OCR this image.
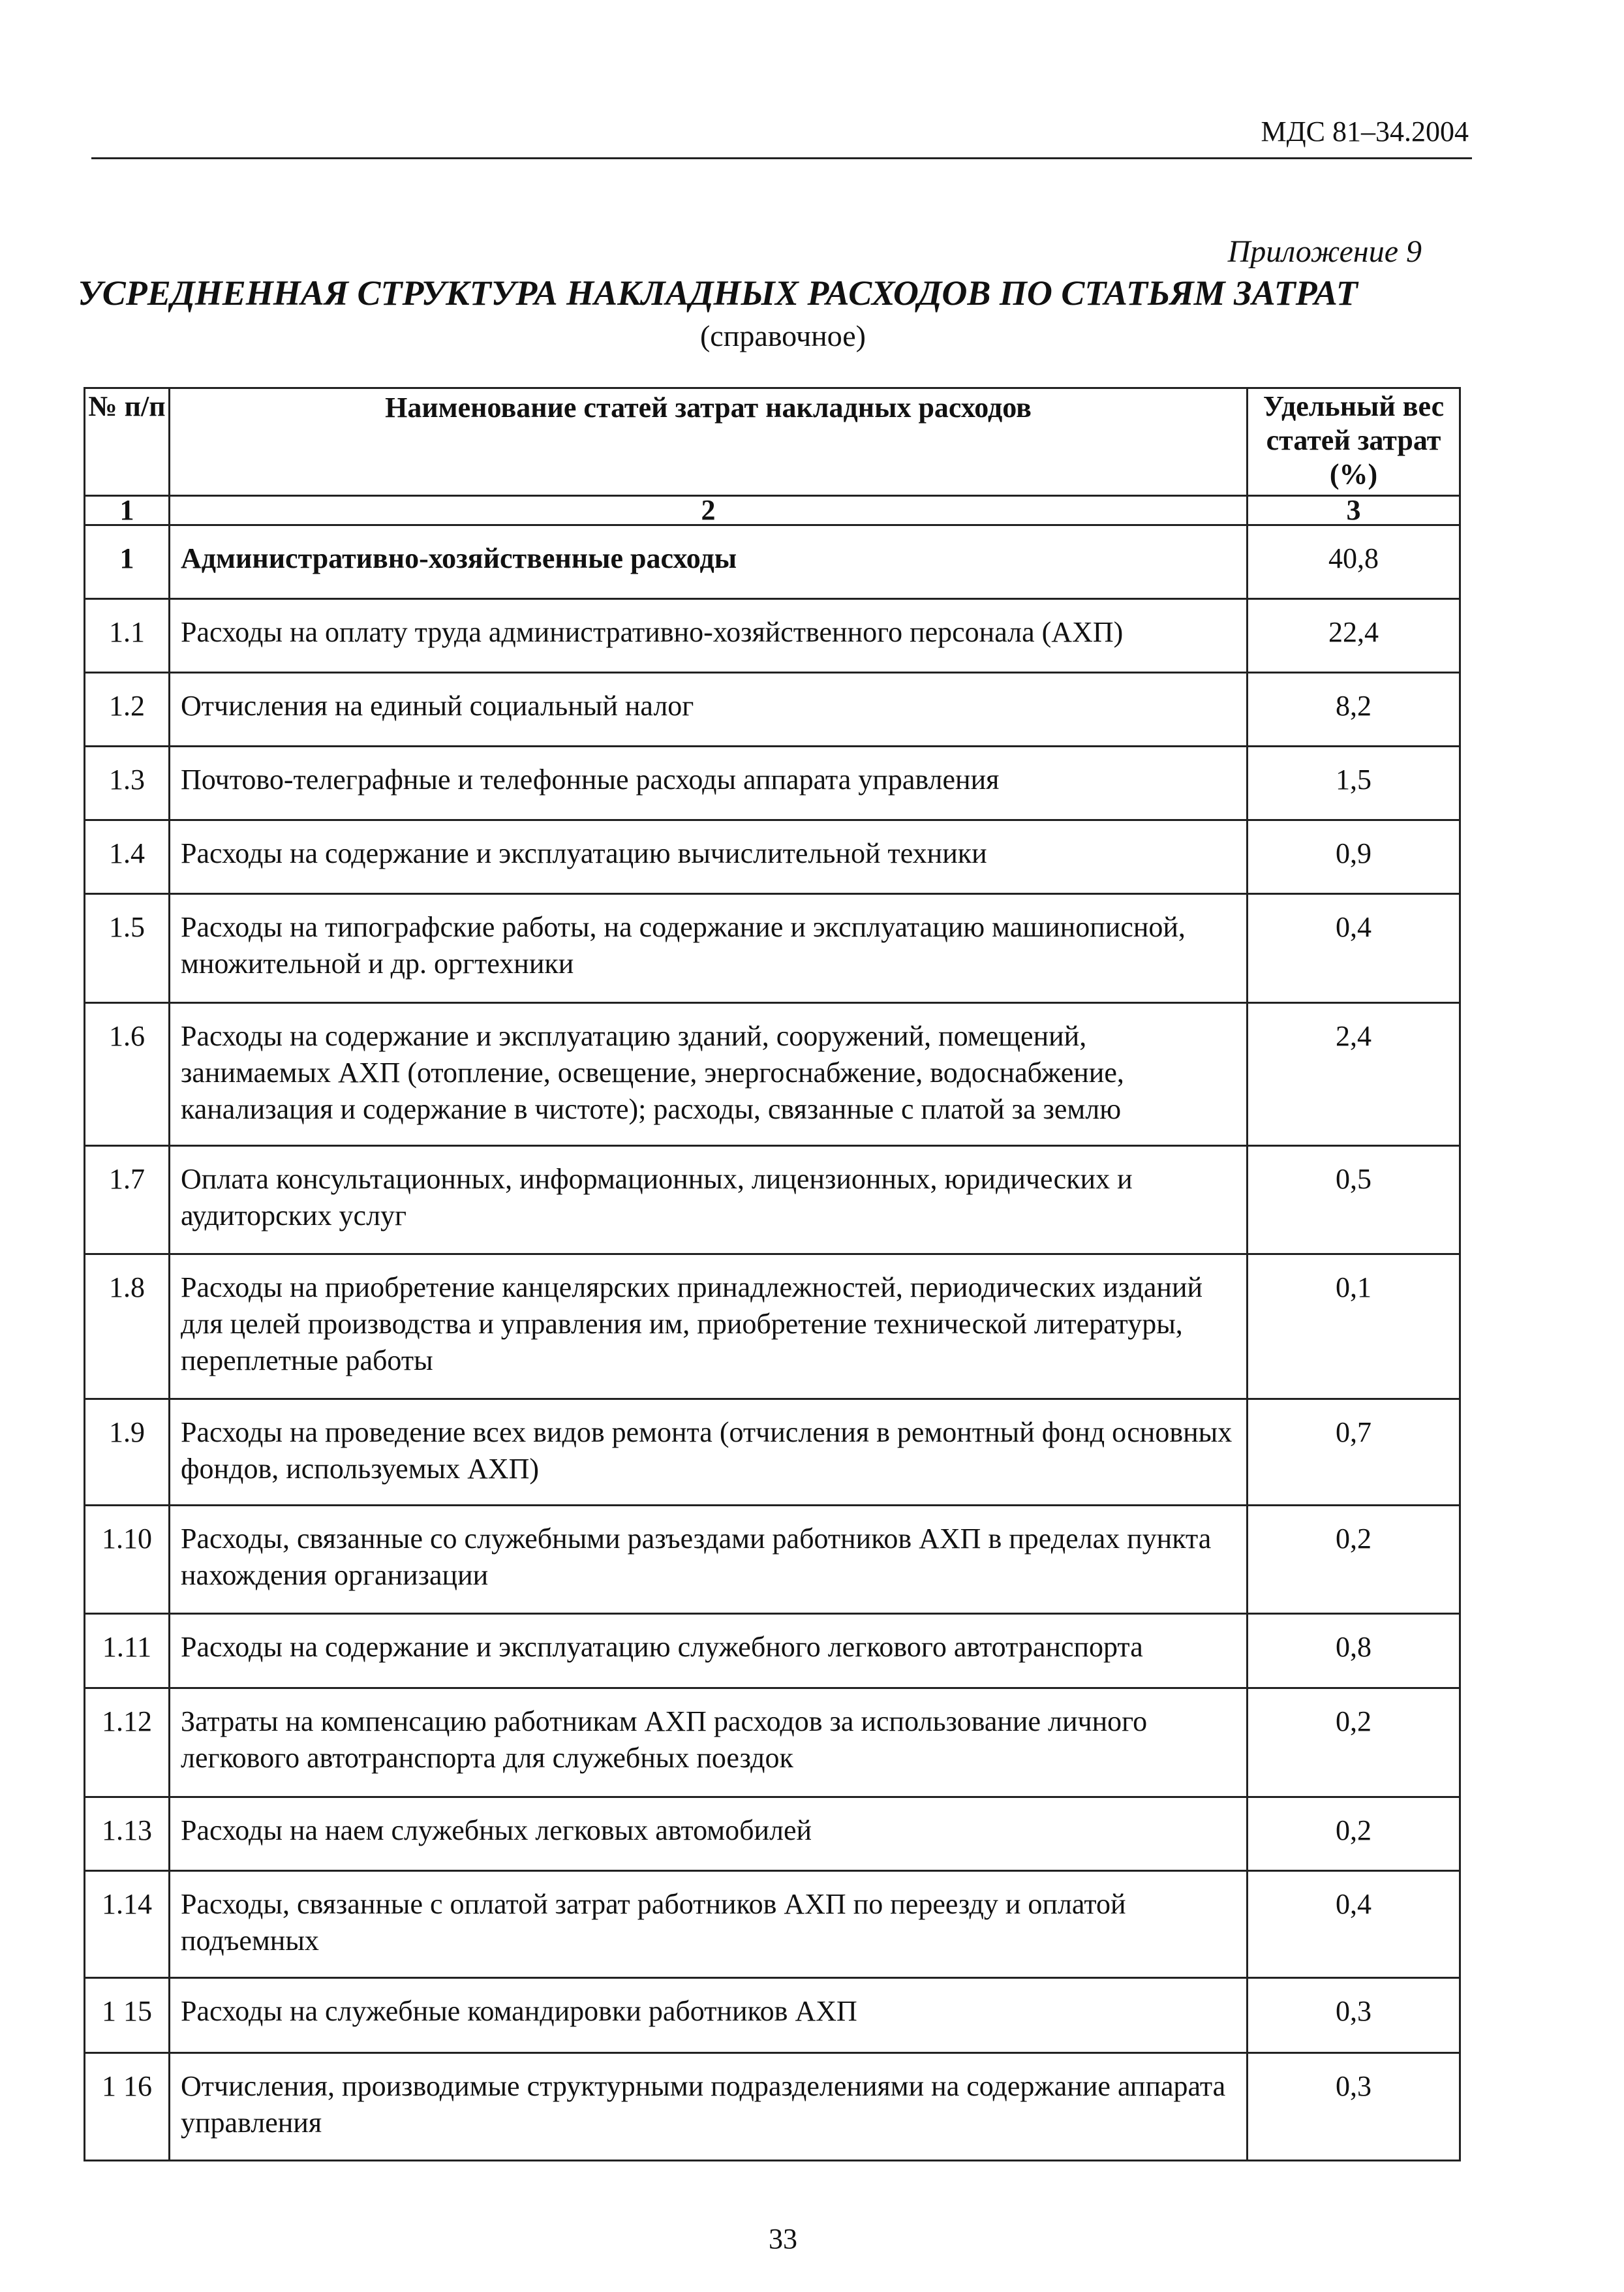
МДС 81–34.2004
Приложение 9
УСРЕДНЕННАЯ СТРУКТУРА НАКЛАДНЫХ РАСХОДОВ ПО СТАТЬЯМ ЗАТРАТ
(справочное)
№ п/п	Наименование статей затрат накладных расходов	Удельный вес статей затрат (%)
1	2	3
1	Административно-хозяйственные расходы	40,8
1.1	Расходы на оплату труда административно-хозяйственного персонала (АХП)	22,4
1.2	Отчисления на единый социальный налог	8,2
1.3	Почтово-телеграфные и телефонные расходы аппарата управления	1,5
1.4	Расходы на содержание и эксплуатацию вычислительной техники	0,9
1.5	Расходы на типографские работы, на содержание и эксплуатацию машинописной, множительной и др. оргтехники	0,4
1.6	Расходы на содержание и эксплуатацию зданий, сооружений, помещений, занимаемых АХП (отопление, освещение, энергоснабжение, водоснабжение, канализация и содержание в чистоте); расходы, связанные с платой за землю	2,4
1.7	Оплата консультационных, информационных, лицензионных, юридических и аудиторских услуг	0,5
1.8	Расходы на приобретение канцелярских принадлежностей, периодических изданий для целей производства и управления им, приобретение технической литературы, переплетные работы	0,1
1.9	Расходы на проведение всех видов ремонта (отчисления в ремонтный фонд основных фондов, используемых АХП)	0,7
1.10	Расходы, связанные со служебными разъездами работников АХП в пределах пункта нахождения организации	0,2
1.11	Расходы на содержание и эксплуатацию служебного легкового автотранспорта	0,8
1.12	Затраты на компенсацию работникам АХП расходов за использование личного легкового автотранспорта для служебных поездок	0,2
1.13	Расходы на наем служебных легковых автомобилей	0,2
1.14	Расходы, связанные с оплатой затрат работников АХП по переезду и оплатой подъемных	0,4
1 15	Расходы на служебные командировки работников АХП	0,3
1 16	Отчисления, производимые структурными подразделениями на содержание аппарата управления	0,3
33
